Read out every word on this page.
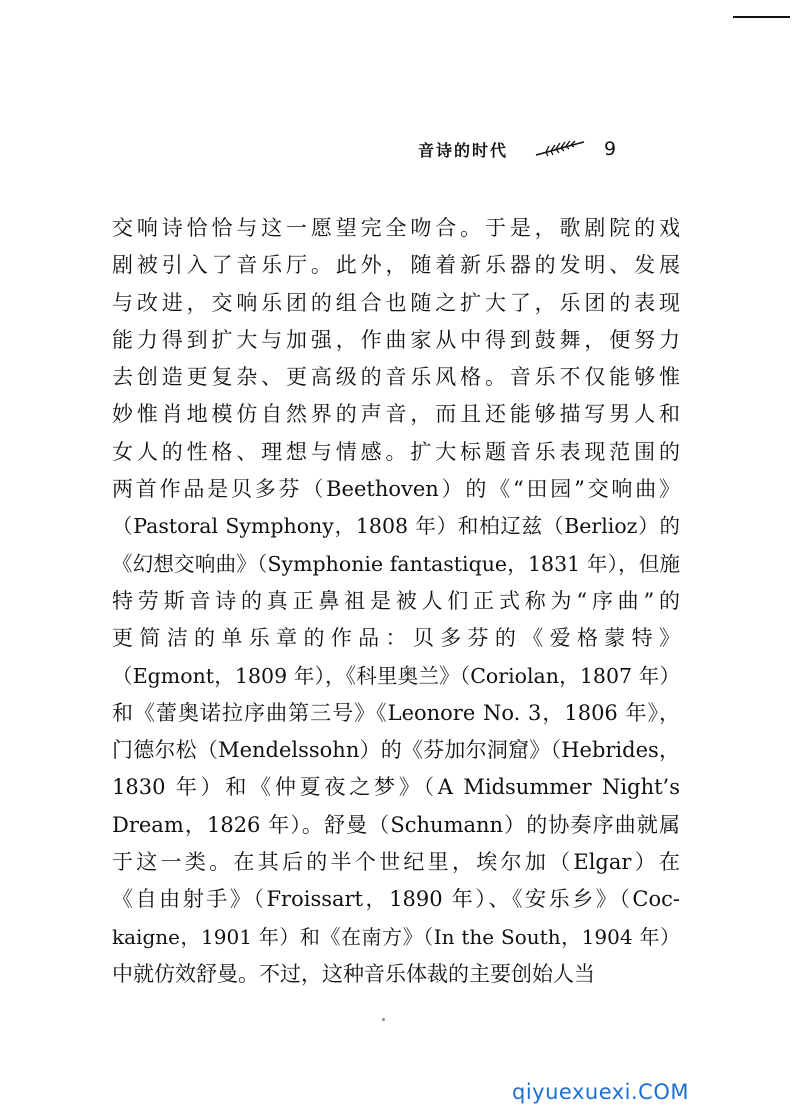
音诗的时代	9
交响诗恰恰与这一愿望完全吻合。于是，歌剧院的戏
剧被引入了音乐厅。此外，随着新乐器的发明、发展
与改进，交响乐团的组合也随之扩大了，乐团的表现
能力得到扩大与加强，作曲家从中得到鼓舞，便努力
去创造更复杂、更高级的音乐风格。音乐不仅能够惟
妙惟肖地模仿自然界的声音，而且还能够描写男人和
女人的性格、理想与情感。扩大标题音乐表现范围的
两首作品是贝多芬（Beethoven）的《“田园”交响曲》
（Pastoral Symphony，1808 年）和柏辽兹（Berlioz）的
《幻想交响曲》（Symphonie fantastique，1831 年），但施
特劳斯音诗的真正鼻祖是被人们正式称为“序曲”的
更简洁的单乐章的作品：贝多芬的《爱格蒙特》
（Egmont，1809 年），《科里奥兰》（Coriolan，1807 年）
和《蕾奥诺拉序曲第三号》《Leonore No. 3，1806 年》，
门德尔松（Mendelssohn）的《芬加尔洞窟》（Hebrides，
1830 年）和《仲夏夜之梦》（A Midsummer Night’s
Dream，1826 年）。舒曼（Schumann）的协奏序曲就属
于这一类。在其后的半个世纪里，埃尔加（Elgar）在
《自由射手》（Froissart，1890 年）、《安乐乡》（Coc-
kaigne，1901 年）和《在南方》（In the South，1904 年）
中就仿效舒曼。不过，这种音乐体裁的主要创始人当
qiyuexuexi.COM
